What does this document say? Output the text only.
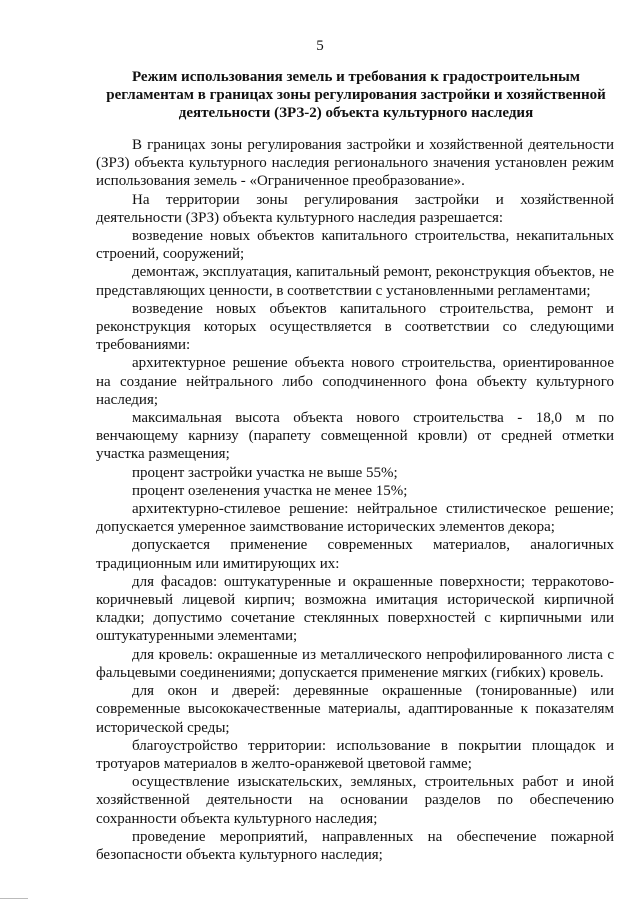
5
Режим использования земель и требования к градостроительным регламентам в границах зоны регулирования застройки и хозяйственной деятельности (ЗРЗ-2) объекта культурного наследия

В границах зоны регулирования застройки и хозяйственной деятельности (ЗРЗ) объекта культурного наследия регионального значения установлен режим использования земель - «Ограниченное преобразование».

На территории зоны регулирования застройки и хозяйственной деятельности (ЗРЗ) объекта культурного наследия разрешается:

возведение новых объектов капитального строительства, некапитальных строений, сооружений;

демонтаж, эксплуатация, капитальный ремонт, реконструкция объектов, не представляющих ценности, в соответствии с установленными регламентами;

возведение новых объектов капитального строительства, ремонт и реконструкция которых осуществляется в соответствии со следующими требованиями:

архитектурное решение объекта нового строительства, ориентированное на создание нейтрального либо соподчиненного фона объекту культурного наследия;

максимальная высота объекта нового строительства - 18,0 м по венчающему карнизу (парапету совмещенной кровли) от средней отметки участка размещения;

процент застройки участка не выше 55%;

процент озеленения участка не менее 15%;

архитектурно-стилевое решение: нейтральное стилистическое решение; допускается умеренное заимствование исторических элементов декора;

допускается применение современных материалов, аналогичных традиционным или имитирующих их:

для фасадов: оштукатуренные и окрашенные поверхности; терракотово-коричневый лицевой кирпич; возможна имитация исторической кирпичной кладки; допустимо сочетание стеклянных поверхностей с кирпичными или оштукатуренными элементами;

для кровель: окрашенные из металлического непрофилированного листа с фальцевыми соединениями; допускается применение мягких (гибких) кровель.

для окон и дверей: деревянные окрашенные (тонированные) или современные высококачественные материалы, адаптированные к показателям исторической среды;

благоустройство территории: использование в покрытии площадок и тротуаров материалов в желто-оранжевой цветовой гамме;

осуществление изыскательских, земляных, строительных работ и иной хозяйственной деятельности на основании разделов по обеспечению сохранности объекта культурного наследия;

проведение мероприятий, направленных на обеспечение пожарной безопасности объекта культурного наследия;
